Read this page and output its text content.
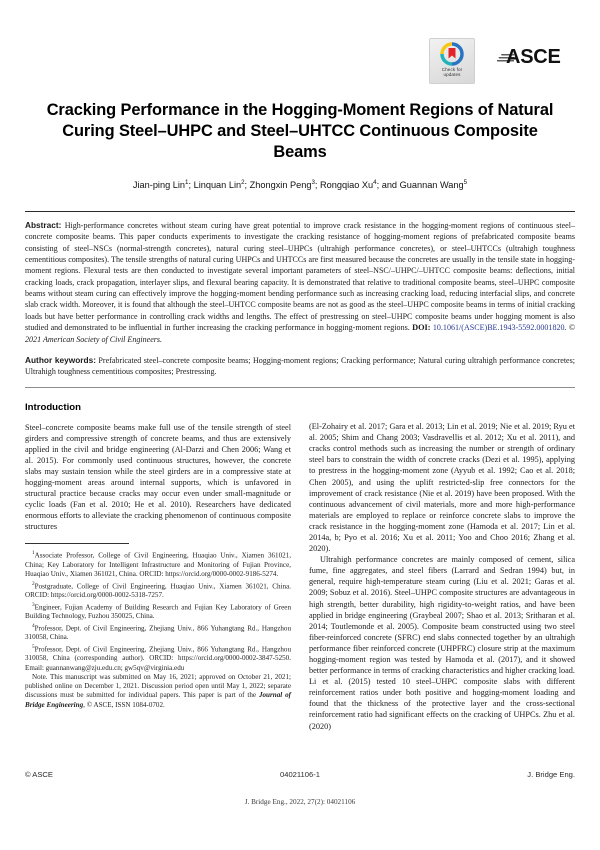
Check for
updates
ASCE
Cracking Performance in the Hogging-Moment Regions of Natural Curing Steel–UHPC and Steel–UHTCC Continuous Composite Beams
Jian-ping Lin$^1$; Linquan Lin$^2$; Zhongxin Peng$^3$; Rongqiao Xu$^4$; and Guannan Wang$^5$

Abstract: High-performance concretes without steam curing have great potential to improve crack resistance in the hogging-moment regions of continuous steel–concrete composite beams. This paper conducts experiments to investigate the cracking resistance of hogging-moment regions of prefabricated composite beams consisting of steel–NSCs (normal-strength concretes), natural curing steel–UHPCs (ultrahigh performance concretes), or steel–UHTCCs (ultrahigh toughness cementitious composites). The tensile strengths of natural curing UHPCs and UHTCCs are first measured because the concretes are usually in the tensile state in hogging-moment regions. Flexural tests are then conducted to investigate several important parameters of steel–NSC/–UHPC/–UHTCC composite beams: deflections, initial cracking loads, crack propagation, interlayer slips, and flexural bearing capacity. It is demonstrated that relative to traditional composite beams, steel–UHPC composite beams without steam curing can effectively improve the hogging-moment bending performance such as increasing cracking load, reducing interfacial slips, and concrete slab crack width. Moreover, it is found that although the steel–UHTCC composite beams are not as good as the steel–UHPC composite beams in terms of initial cracking loads but have better performance in controlling crack widths and lengths. The effect of prestressing on steel–UHPC composite beams under hogging moment is also studied and demonstrated to be influential in further increasing the cracking performance in hogging-moment regions. DOI: 10.1061/(ASCE)BE.1943-5592.0001820. © 2021 American Society of Civil Engineers.

Author keywords: Prefabricated steel–concrete composite beams; Hogging-moment regions; Cracking performance; Natural curing ultrahigh performance concretes; Ultrahigh toughness cementitious composites; Prestressing.

Introduction

Steel–concrete composite beams make full use of the tensile strength of steel girders and compressive strength of concrete beams, and thus are extensively applied in the civil and bridge engineering (Al-Darzi and Chen 2006; Wang et al. 2015). For commonly used continuous structures, however, the concrete slabs may sustain tension while the steel girders are in a compressive state at hogging-moment areas around internal supports, which is unfavored in structural practice because cracks may occur even under small-magnitude or cyclic loads (Fan et al. 2010; He et al. 2010). Researchers have dedicated enormous efforts to alleviate the cracking phenomenon of continuous composite structures

$^1$Associate Professor, College of Civil Engineering, Huaqiao Univ., Xiamen 361021, China; Key Laboratory for Intelligent Infrastructure and Monitoring of Fujian Province, Huaqiao Univ., Xiamen 361021, China. ORCID: https://orcid.org/0000-0002-9186-5274.

$^2$Postgraduate, College of Civil Engineering, Huaqiao Univ., Xiamen 361021, China. ORCID: https://orcid.org/0000-0002-5318-7257.

$^3$Engineer, Fujian Academy of Building Research and Fujian Key Laboratory of Green Building Technology, Fuzhou 350025, China.

$^4$Professor, Dept. of Civil Engineering, Zhejiang Univ., 866 Yuhangtang Rd., Hangzhou 310058, China.

$^5$Professor, Dept. of Civil Engineering, Zhejiang Univ., 866 Yuhangtang Rd., Hangzhou 310058, China (corresponding author). ORCID: https://orcid.org/0000-0002-3847-5250. Email: guannanwang@zju.edu.cn; gw5qv@virginia.edu

Note. This manuscript was submitted on May 16, 2021; approved on October 21, 2021; published online on December 1, 2021. Discussion period open until May 1, 2022; separate discussions must be submitted for individual papers. This paper is part of the Journal of Bridge Engineering, © ASCE, ISSN 1084-0702.

(El-Zohairy et al. 2017; Gara et al. 2013; Lin et al. 2019; Nie et al. 2019; Ryu et al. 2005; Shim and Chang 2003; Vasdravellis et al. 2012; Xu et al. 2011), and cracks control methods such as increasing the number or strength of ordinary steel bars to constrain the width of concrete cracks (Dezi et al. 1995), applying to prestress in the hogging-moment zone (Ayyub et al. 1992; Cao et al. 2018; Chen 2005), and using the uplift restricted-slip free connectors for the improvement of crack resistance (Nie et al. 2019) have been proposed. With the continuous advancement of civil materials, more and more high-performance materials are employed to replace or reinforce concrete slabs to improve the crack resistance in the hogging-moment zone (Hamoda et al. 2017; Lin et al. 2014a, b; Pyo et al. 2016; Xu et al. 2011; Yoo and Choo 2016; Zhang et al. 2020).

Ultrahigh performance concretes are mainly composed of cement, silica fume, fine aggregates, and steel fibers (Larrard and Sedran 1994) but, in general, require high-temperature steam curing (Liu et al. 2021; Garas et al. 2009; Sobuz et al. 2016). Steel–UHPC composite structures are advantageous in high strength, better durability, high rigidity-to-weight ratios, and have been applied in bridge engineering (Graybeal 2007; Shao et al. 2013; Sritharan et al. 2014; Toutlemonde et al. 2005). Composite beam constructed using two steel fiber-reinforced concrete (SFRC) end slabs connected together by an ultrahigh performance fiber reinforced concrete (UHPFRC) closure strip at the maximum hogging-moment region was tested by Hamoda et al. (2017), and it showed better performance in terms of cracking characteristics and higher cracking load. Li et al. (2015) tested 10 steel–UHPC composite slabs with different reinforcement ratios under both positive and hogging-moment loading and found that the thickness of the protective layer and the cross-sectional reinforcement ratio had significant effects on the cracking of UHPCs. Zhu et al. (2020)

© ASCE	04021106-1	J. Bridge Eng.
J. Bridge Eng., 2022, 27(2): 04021106
